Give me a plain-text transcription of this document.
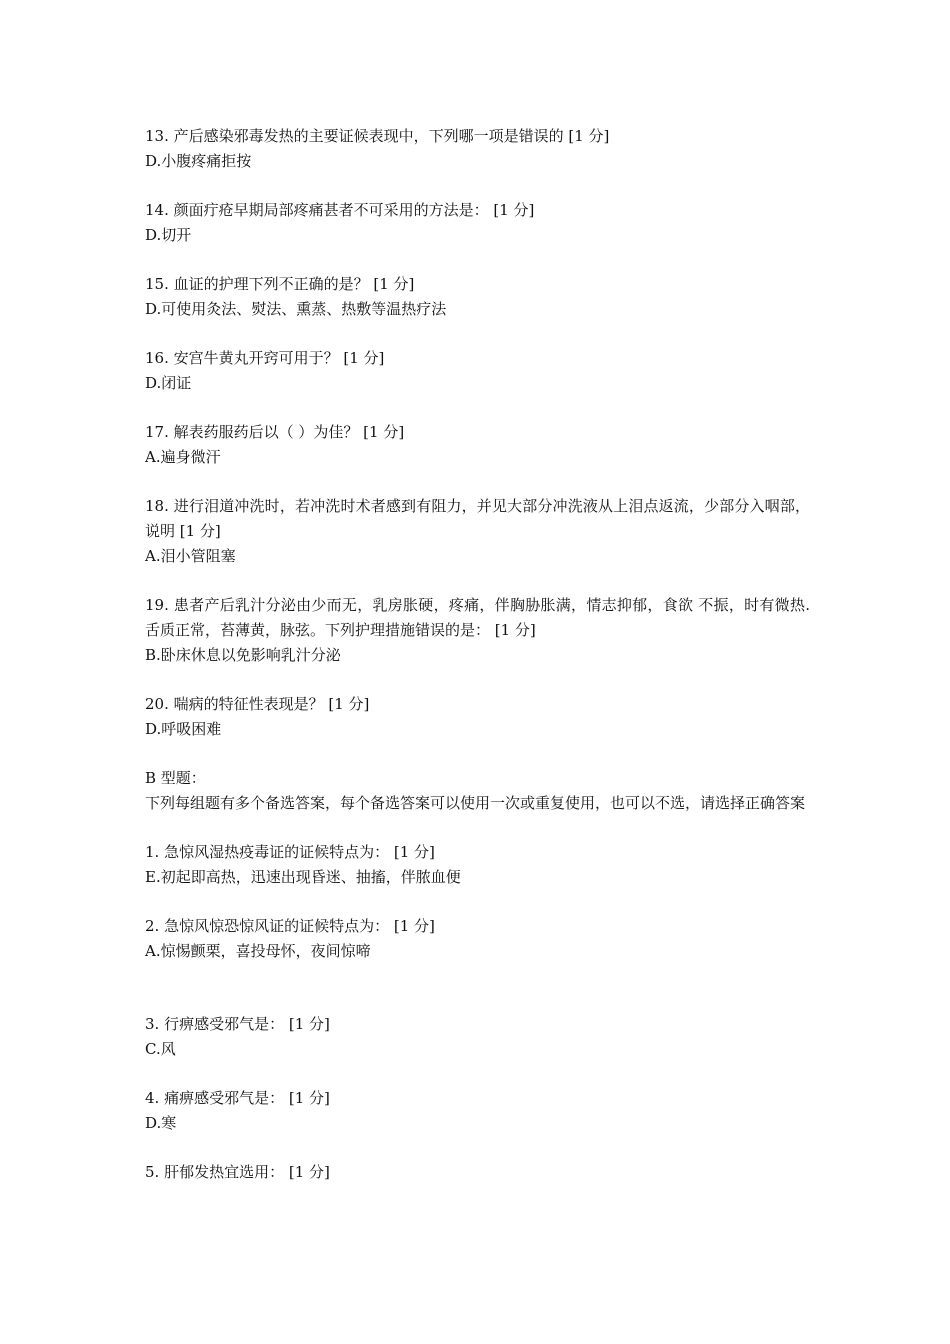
13. 产后感染邪毒发热的主要证候表现中，下列哪一项是错误的 [1 分]
D.小腹疼痛拒按
14. 颜面疔疮早期局部疼痛甚者不可采用的方法是： [1 分]
D.切开
15. 血证的护理下列不正确的是？ [1 分]
D.可使用灸法、熨法、熏蒸、热敷等温热疗法
16. 安宫牛黄丸开窍可用于？ [1 分]
D.闭证
17. 解表药服药后以（ ）为佳？ [1 分]
A.遍身微汗
18. 进行泪道冲洗时，若冲洗时术者感到有阻力，并见大部分冲洗液从上泪点返流，少部分入咽部，说明 [1 分]
A.泪小管阻塞
19. 患者产后乳汁分泌由少而无，乳房胀硬，疼痛，伴胸胁胀满，情志抑郁，食欲 不振，时有微热.舌质正常，苔薄黄，脉弦。下列护理措施错误的是： [1 分]
B.卧床休息以免影响乳汁分泌
20. 喘病的特征性表现是？ [1 分]
D.呼吸困难
B 型题：
下列每组题有多个备选答案，每个备选答案可以使用一次或重复使用，也可以不选，请选择正确答案
1. 急惊风湿热疫毒证的证候特点为： [1 分]
E.初起即高热，迅速出现昏迷、抽搐，伴脓血便
2. 急惊风惊恐惊风证的证候特点为： [1 分]
A.惊惕颤栗，喜投母怀，夜间惊啼
3. 行痹感受邪气是： [1 分]
C.风
4. 痛痹感受邪气是： [1 分]
D.寒
5. 肝郁发热宜选用： [1 分]
